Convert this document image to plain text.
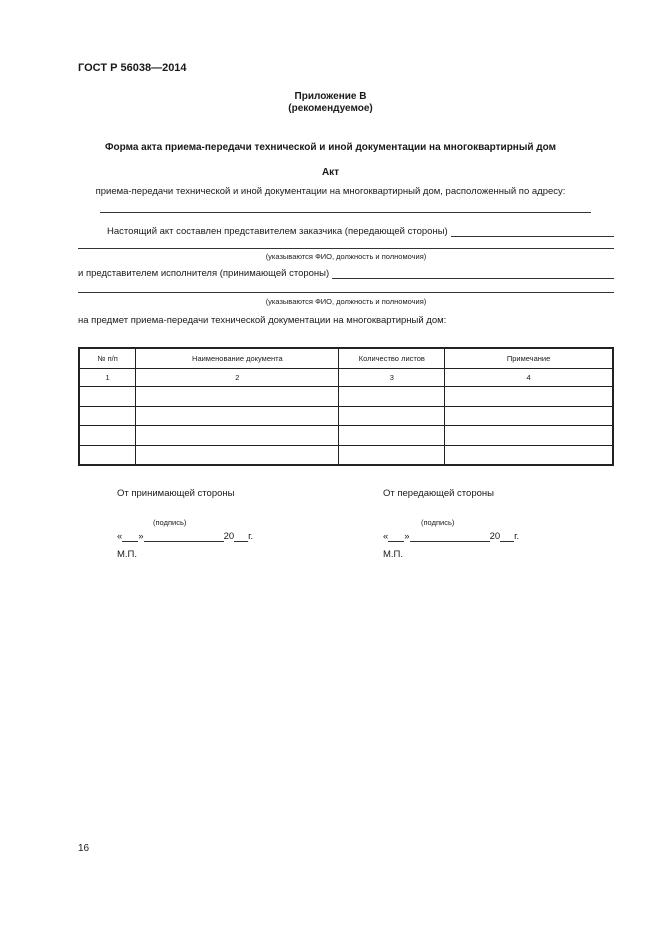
ГОСТ Р 56038—2014
Приложение В
(рекомендуемое)
Форма акта приема-передачи технической и иной документации на многоквартирный дом
Акт
приема-передачи технической и иной документации на многоквартирный дом, расположенный по адресу:
Настоящий акт составлен представителем заказчика (передающей стороны)
(указываются ФИО, должность и полномочия)
и представителем исполнителя (принимающей стороны)
(указываются ФИО, должность и полномочия)
на предмет приема-передачи технической документации на многоквартирный дом:
№ п/п	Наименование документа	Количество листов	Примечание
1	2	3	4

От принимающей стороны
(подпись)
« »	20 г.
М.П.
От передающей стороны
(подпись)
« »	20 г.
М.П.
16
